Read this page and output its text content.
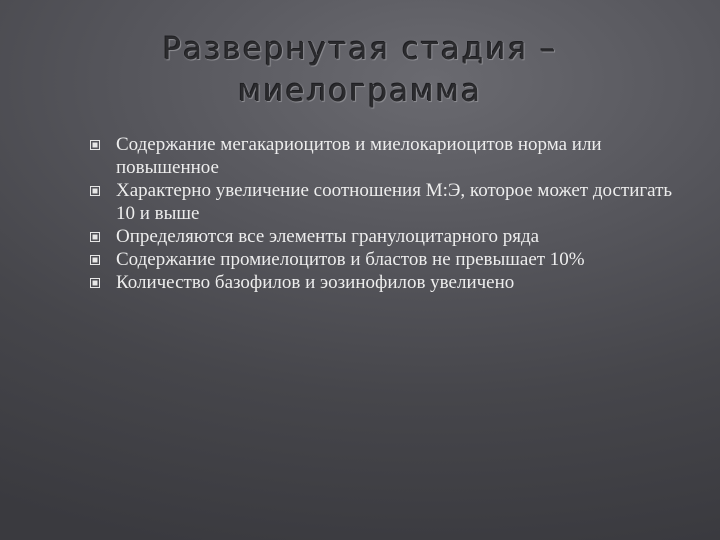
Развернутая стадия –
миелограмма
Содержание мегакариоцитов и миелокариоцитов норма или повышенное
Характерно увеличение соотношения М:Э, которое может достигать 10 и выше
Определяются все элементы гранулоцитарного ряда
Содержание промиелоцитов и бластов не превышает 10%
Количество базофилов и эозинофилов увеличено
